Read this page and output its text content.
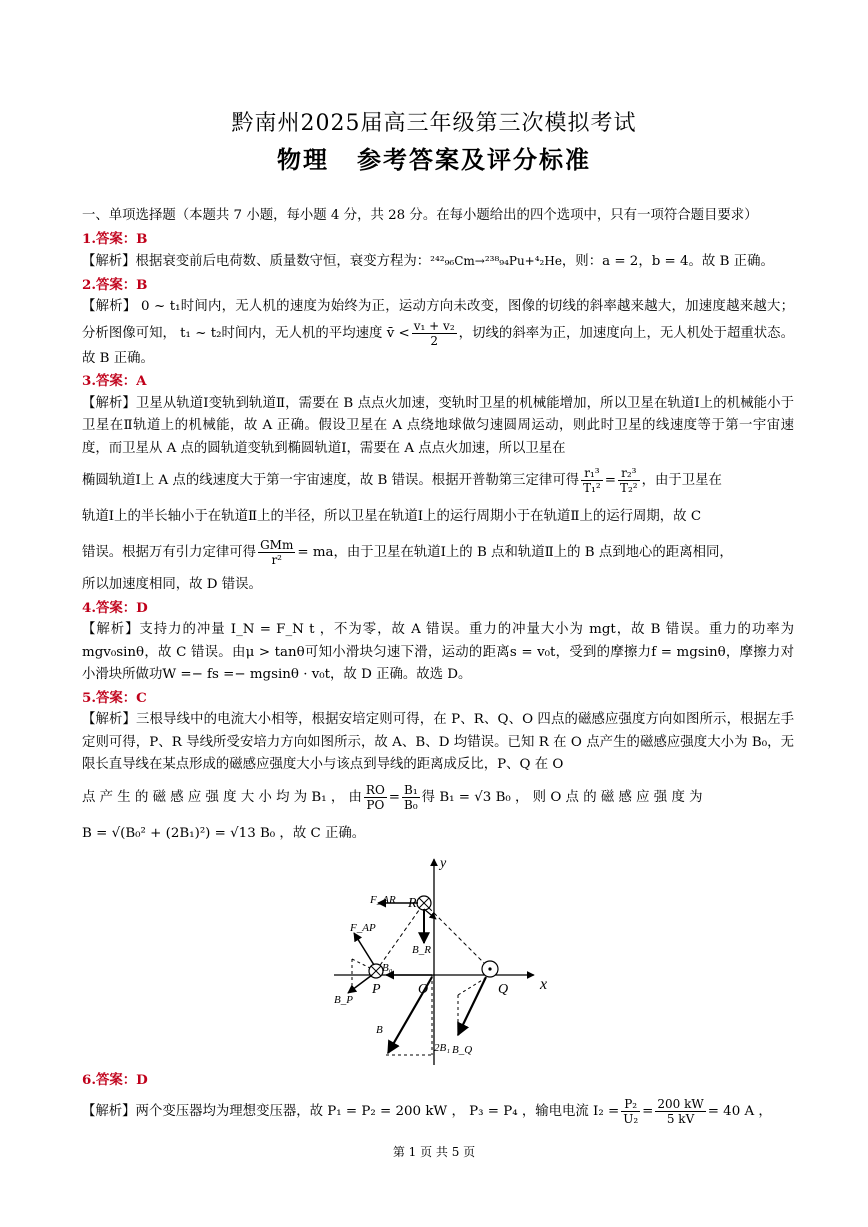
黔南州2025届高三年级第三次模拟考试
物理 参考答案及评分标准

一、单项选择题（本题共 7 小题，每小题 4 分，共 28 分。在每小题给出的四个选项中，只有一项符合题目要求）

1.答案：B

【解析】根据衰变前后电荷数、质量数守恒，衰变方程为：²⁴²₉₆Cm→²³⁸₉₄Pu+⁴₂He，则：a = 2，b = 4。故 B 正确。

2.答案：B

【解析】 0 ~ t₁时间内，无人机的速度为始终为正，运动方向未改变，图像的切线的斜率越来越大，加速度越来越大；分析图像可知， t₁ ~ t₂时间内，无人机的平均速度 v̄ < $\frac{\text{v₁ + v₂}}{2}$ ，切线的斜率为正，加速度向上，无人机处于超重状态。故 B 正确。

3.答案：A

【解析】卫星从轨道Ⅰ变轨到轨道Ⅱ，需要在 B 点点火加速，变轨时卫星的机械能增加，所以卫星在轨道Ⅰ上的机械能小于卫星在Ⅱ轨道上的机械能，故 A 正确。假设卫星在 A 点绕地球做匀速圆周运动，则此时卫星的线速度等于第一宇宙速度，而卫星从 A 点的圆轨道变轨到椭圆轨道Ⅰ，需要在 A 点点火加速，所以卫星在

椭圆轨道Ⅰ上 A 点的线速度大于第一宇宙速度，故 B 错误。根据开普勒第三定律可得 $\frac{\text{r₁³}}{\text{T₁²}} = \frac{\text{r₂³}}{\text{T₂²}}$ ，由于卫星在

轨道Ⅰ上的半长轴小于在轨道Ⅱ上的半径，所以卫星在轨道Ⅰ上的运行周期小于在轨道Ⅱ上的运行周期，故 C

错误。根据万有引力定律可得 $\frac{\text{GMm}}{\text{r²}}$ = ma，由于卫星在轨道Ⅰ上的 B 点和轨道Ⅱ上的 B 点到地心的距离相同，

所以加速度相同，故 D 错误。

4.答案：D

【解析】支持力的冲量 I_N = F_N t ，不为零，故 A 错误。重力的冲量大小为 mgt，故 B 错误。重力的功率为 mgv₀sinθ，故 C 错误。由μ > tanθ可知小滑块匀速下滑，运动的距离s = v₀t，受到的摩擦力f = mgsinθ，摩擦力对小滑块所做功W =− fs =− mgsinθ · v₀t，故 D 正确。故选 D。

5.答案：C

【解析】三根导线中的电流大小相等，根据安培定则可得，在 P、R、Q、O 四点的磁感应强度方向如图所示，根据左手定则可得，P、R 导线所受安培力方向如图所示，故 A、B、D 均错误。已知 R 在 O 点产生的磁感应强度大小为 B₀，无限长直导线在某点形成的磁感应强度大小与该点到导线的距离成反比，P、Q 在 O

点 产 生 的 磁 感 应 强 度 大 小 均 为 B₁ ， 由 $\frac{RO}{PO} = \frac{\text{B₁}}{\text{B₀}}$ 得 B₁ = √3 B₀ ， 则 O 点 的 磁 感 应 强 度 为

B = √(B₀² + (2B₁)²) = √13 B₀ ，故 C 正确。

y
x
O
P	Q
R
F_AR
F_AP
B_R
B₀
B_P
B
2B₁ B_Q

6.答案：D

【解析】两个变压器均为理想变压器，故 P₁ = P₂ = 200 kW ， P₃ = P₄ ，输电电流 $I_2 = \frac{\text{P₂}}{\text{U₂}} = \frac{200 kW}{5 kV} = 40$ A ，

第 1 页 共 5 页
